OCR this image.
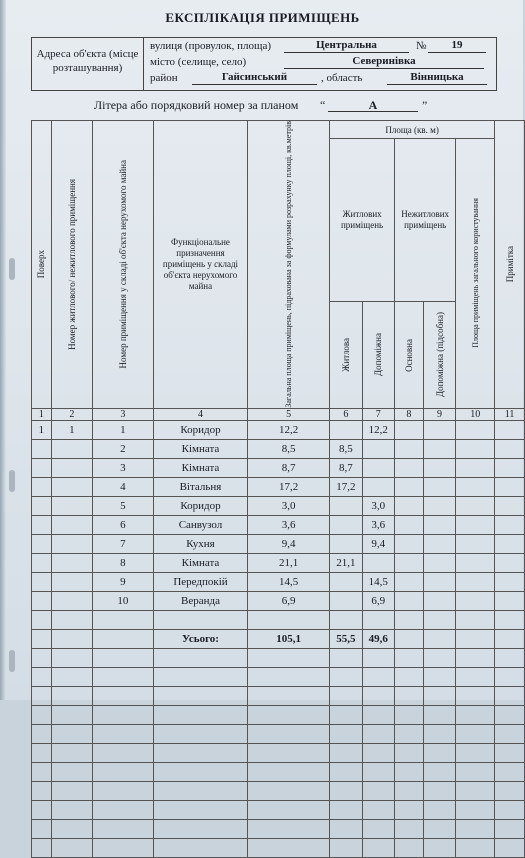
ЕКСПЛІКАЦІЯ ПРИМІЩЕНЬ
Адреса об'єкта (місце розташування)
вулиця (провулок, площа)	Центральна	№	19
місто (селище, село)	Северинівка
район	Гайсинський	, область	Вінницька
Літера або порядковий номер за планом “	А	”
Поверх	Номер житлового/ нежитлового приміщення	Номер приміщення у складі об'єкта нерухомого майна	Функціональне призначення приміщень у складі об'єкта нерухомого майна	Загальна площа приміщень, підрахована за формулами розрахунку площі, кв.метрів	Площа (кв. м)					Примітка

					Житлових приміщень		Нежитлових приміщень		Площа приміщень загального користування	

					Житлова	Допоміжна	Основна	Допоміжна (підсобна)		

1	2	3	4	5	6	7	8	9	10	11
1	1	1	Коридор	12,2		12,2				
		2	Кімната	8,5	8,5					
		3	Кімната	8,7	8,7					
		4	Вітальня	17,2	17,2					
		5	Коридор	3,0		3,0				
		6	Санвузол	3,6		3,6				
		7	Кухня	9,4		9,4				
		8	Кімната	21,1	21,1					
		9	Передпокій	14,5		14,5				
		10	Веранда	6,9		6,9				

			Усього:	105,1	55,5	49,6				
